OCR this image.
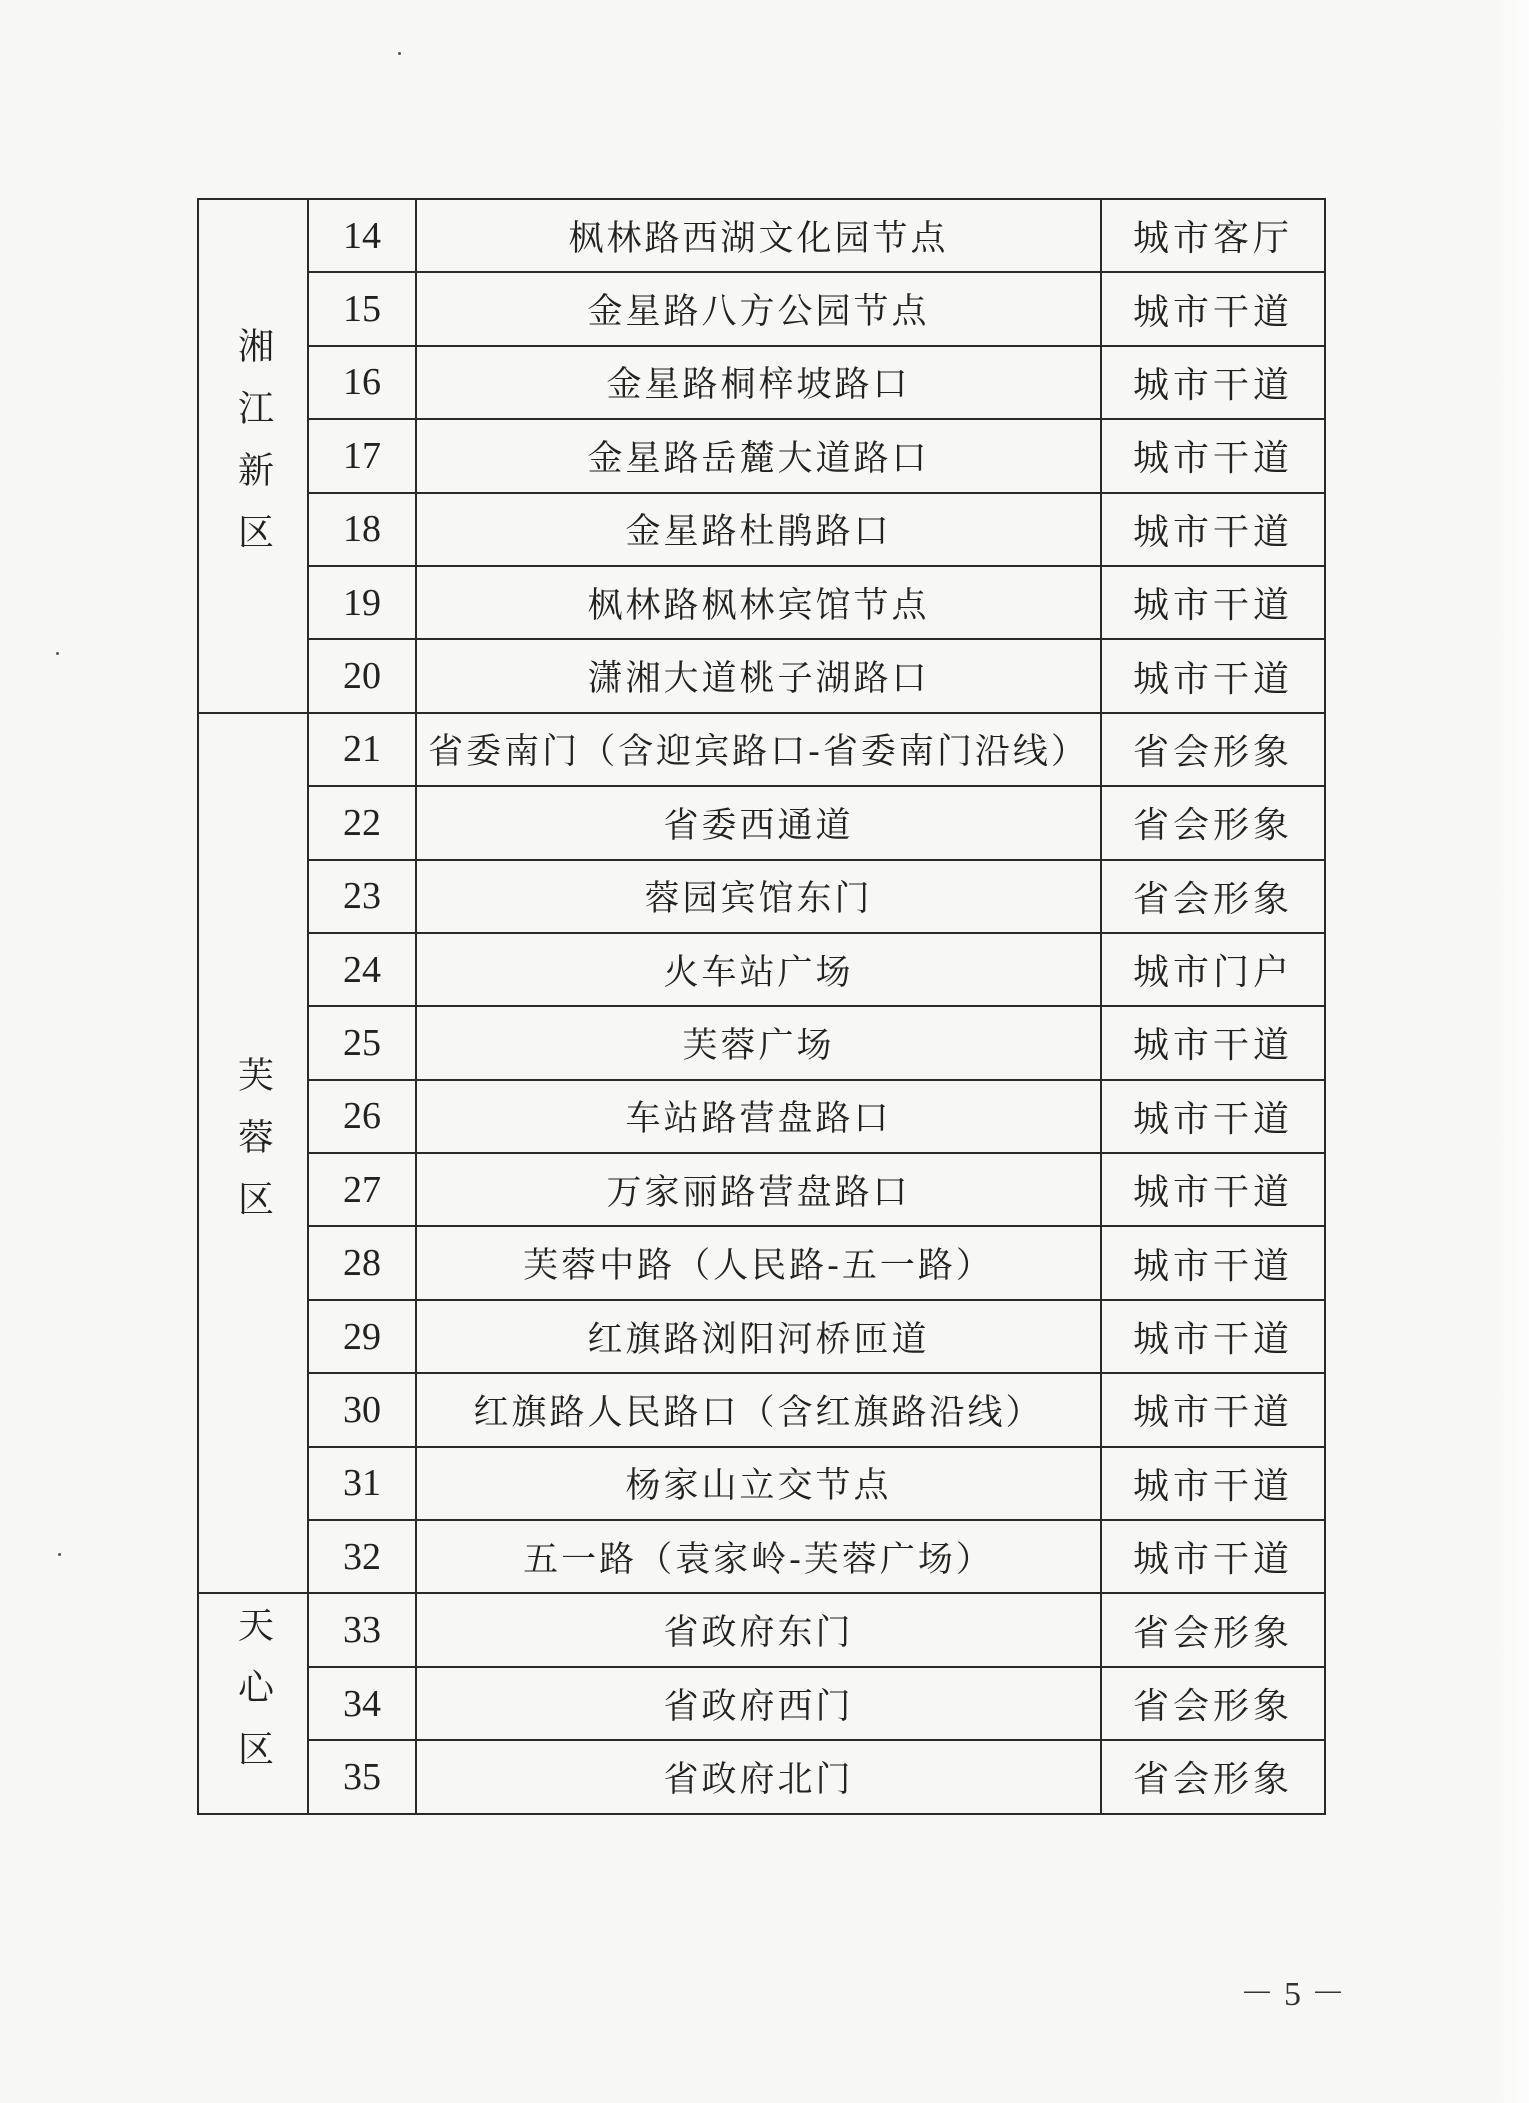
湘江新区	14	枫林路西湖文化园节点	城市客厅
	15	金星路八方公园节点	城市干道
	16	金星路桐梓坡路口	城市干道
	17	金星路岳麓大道路口	城市干道
	18	金星路杜鹃路口	城市干道
	19	枫林路枫林宾馆节点	城市干道
	20	潇湘大道桃子湖路口	城市干道
芙蓉区	21	省委南门（含迎宾路口-省委南门沿线）	省会形象
	22	省委西通道	省会形象
	23	蓉园宾馆东门	省会形象
	24	火车站广场	城市门户
	25	芙蓉广场	城市干道
	26	车站路营盘路口	城市干道
	27	万家丽路营盘路口	城市干道
	28	芙蓉中路（人民路-五一路）	城市干道
	29	红旗路浏阳河桥匝道	城市干道
	30	红旗路人民路口（含红旗路沿线）	城市干道
	31	杨家山立交节点	城市干道
	32	五一路（袁家岭-芙蓉广场）	城市干道
天心区	33	省政府东门	省会形象
	34	省政府西门	省会形象
	35	省政府北门	省会形象
－5－
